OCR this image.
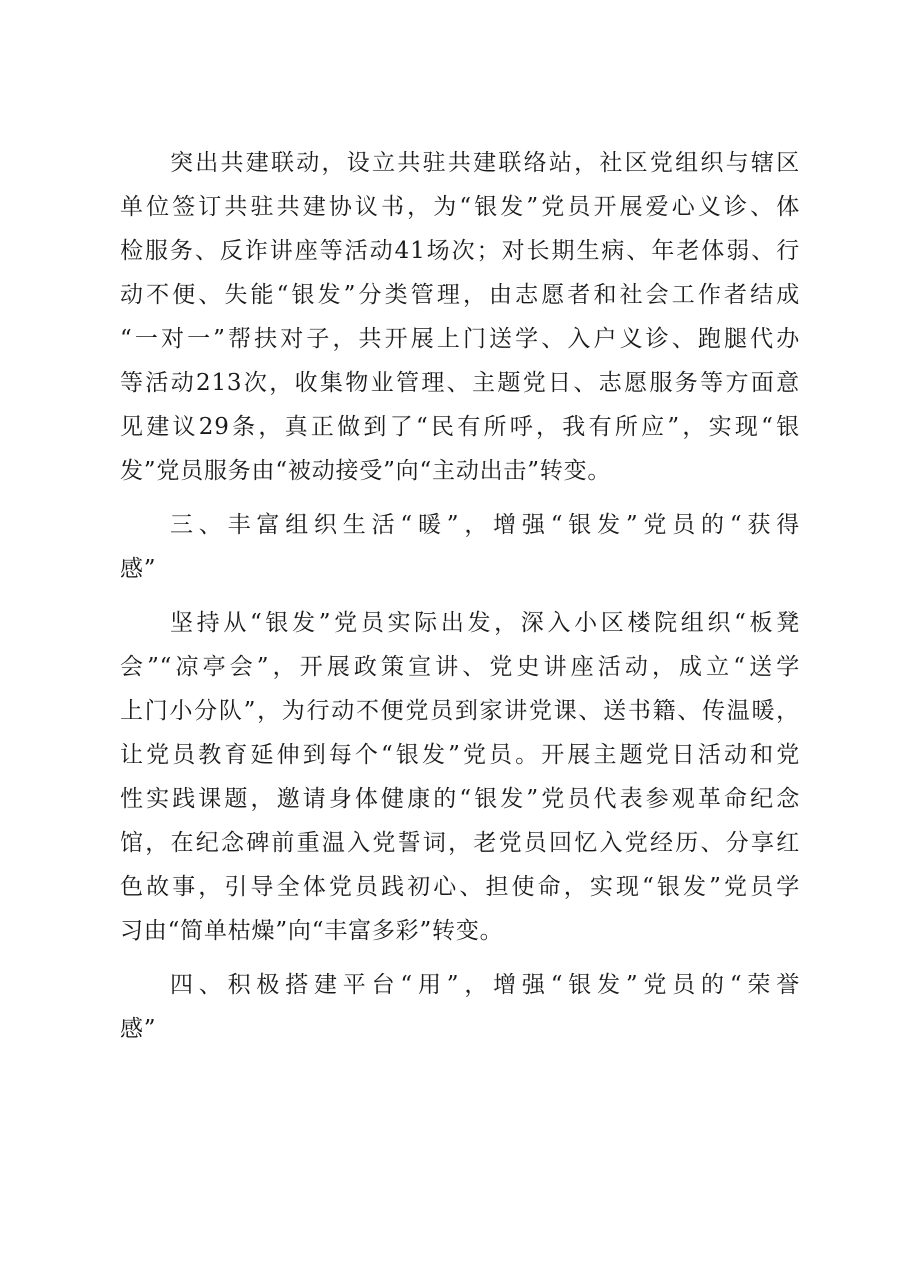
突出共建联动，设立共驻共建联络站，社区党组织与辖区
单位签订共驻共建协议书，为“银发”党员开展爱心义诊、体
检服务、反诈讲座等活动41场次；对长期生病、年老体弱、行
动不便、失能“银发”分类管理，由志愿者和社会工作者结成
“一对一”帮扶对子，共开展上门送学、入户义诊、跑腿代办
等活动213次，收集物业管理、主题党日、志愿服务等方面意
见建议29条，真正做到了“民有所呼，我有所应”，实现“银
发”党员服务由“被动接受”向“主动出击”转变。
三、丰富组织生活“暖”，增强“银发”党员的“获得
感”
坚持从“银发”党员实际出发，深入小区楼院组织“板凳
会”“凉亭会”，开展政策宣讲、党史讲座活动，成立“送学
上门小分队”，为行动不便党员到家讲党课、送书籍、传温暖，
让党员教育延伸到每个“银发”党员。开展主题党日活动和党
性实践课题，邀请身体健康的“银发”党员代表参观革命纪念
馆，在纪念碑前重温入党誓词，老党员回忆入党经历、分享红
色故事，引导全体党员践初心、担使命，实现“银发”党员学
习由“简单枯燥”向“丰富多彩”转变。
四、积极搭建平台“用”，增强“银发”党员的“荣誉
感”
